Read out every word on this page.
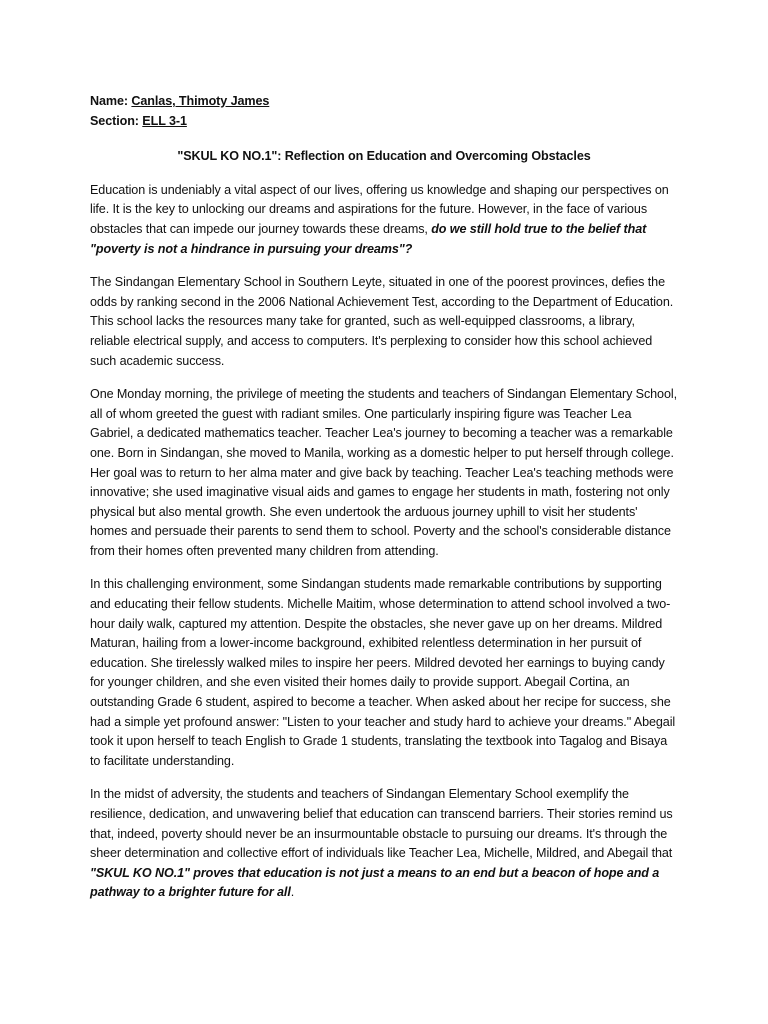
Name: Canlas, Thimoty James
Section: ELL 3-1
"SKUL KO NO.1": Reflection on Education and Overcoming Obstacles

Education is undeniably a vital aspect of our lives, offering us knowledge and shaping our perspectives on life. It is the key to unlocking our dreams and aspirations for the future. However, in the face of various obstacles that can impede our journey towards these dreams, do we still hold true to the belief that "poverty is not a hindrance in pursuing your dreams"?

The Sindangan Elementary School in Southern Leyte, situated in one of the poorest provinces, defies the odds by ranking second in the 2006 National Achievement Test, according to the Department of Education. This school lacks the resources many take for granted, such as well-equipped classrooms, a library, reliable electrical supply, and access to computers. It's perplexing to consider how this school achieved such academic success.

One Monday morning, the privilege of meeting the students and teachers of Sindangan Elementary School, all of whom greeted the guest with radiant smiles. One particularly inspiring figure was Teacher Lea Gabriel, a dedicated mathematics teacher. Teacher Lea's journey to becoming a teacher was a remarkable one. Born in Sindangan, she moved to Manila, working as a domestic helper to put herself through college. Her goal was to return to her alma mater and give back by teaching. Teacher Lea's teaching methods were innovative; she used imaginative visual aids and games to engage her students in math, fostering not only physical but also mental growth. She even undertook the arduous journey uphill to visit her students' homes and persuade their parents to send them to school. Poverty and the school's considerable distance from their homes often prevented many children from attending.

In this challenging environment, some Sindangan students made remarkable contributions by supporting and educating their fellow students. Michelle Maitim, whose determination to attend school involved a two-hour daily walk, captured my attention. Despite the obstacles, she never gave up on her dreams. Mildred Maturan, hailing from a lower-income background, exhibited relentless determination in her pursuit of education. She tirelessly walked miles to inspire her peers. Mildred devoted her earnings to buying candy for younger children, and she even visited their homes daily to provide support. Abegail Cortina, an outstanding Grade 6 student, aspired to become a teacher. When asked about her recipe for success, she had a simple yet profound answer: "Listen to your teacher and study hard to achieve your dreams." Abegail took it upon herself to teach English to Grade 1 students, translating the textbook into Tagalog and Bisaya to facilitate understanding.

In the midst of adversity, the students and teachers of Sindangan Elementary School exemplify the resilience, dedication, and unwavering belief that education can transcend barriers. Their stories remind us that, indeed, poverty should never be an insurmountable obstacle to pursuing our dreams. It's through the sheer determination and collective effort of individuals like Teacher Lea, Michelle, Mildred, and Abegail that "SKUL KO NO.1" proves that education is not just a means to an end but a beacon of hope and a pathway to a brighter future for all.
